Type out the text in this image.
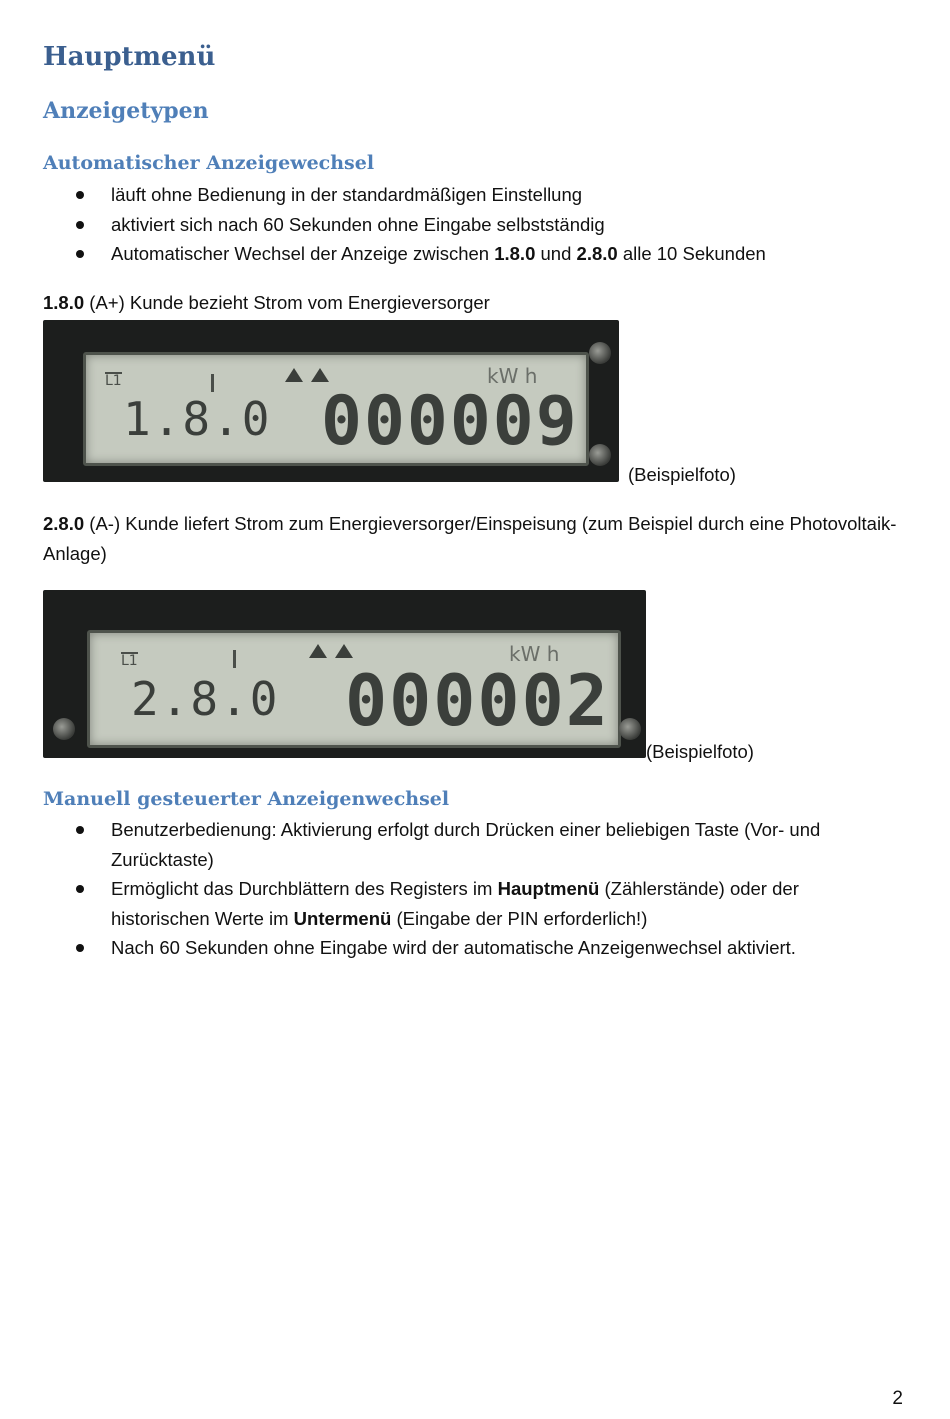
Hauptmenü
Anzeigetypen
Automatischer Anzeigewechsel
läuft ohne Bedienung in der standardmäßigen Einstellung
aktiviert sich nach 60 Sekunden ohne Eingabe selbstständig
Automatischer Wechsel der Anzeige zwischen 1.8.0 und 2.8.0 alle 10 Sekunden

1.8.0 (A+) Kunde bezieht Strom vom Energieversorger

L1	kW h
1.8.0 000009
(Beispielfoto)

2.8.0 (A-) Kunde liefert Strom zum Energieversorger/Einspeisung (zum Beispiel durch eine Photovoltaik-Anlage)

L1	kW h
2.8.0 000002
(Beispielfoto)
Manuell gesteuerter Anzeigenwechsel
Benutzerbedienung: Aktivierung erfolgt durch Drücken einer beliebigen Taste (Vor- und Zurücktaste)
Ermöglicht das Durchblättern des Registers im Hauptmenü (Zählerstände) oder der historischen Werte im Untermenü (Eingabe der PIN erforderlich!)
Nach 60 Sekunden ohne Eingabe wird der automatische Anzeigenwechsel aktiviert.
2
